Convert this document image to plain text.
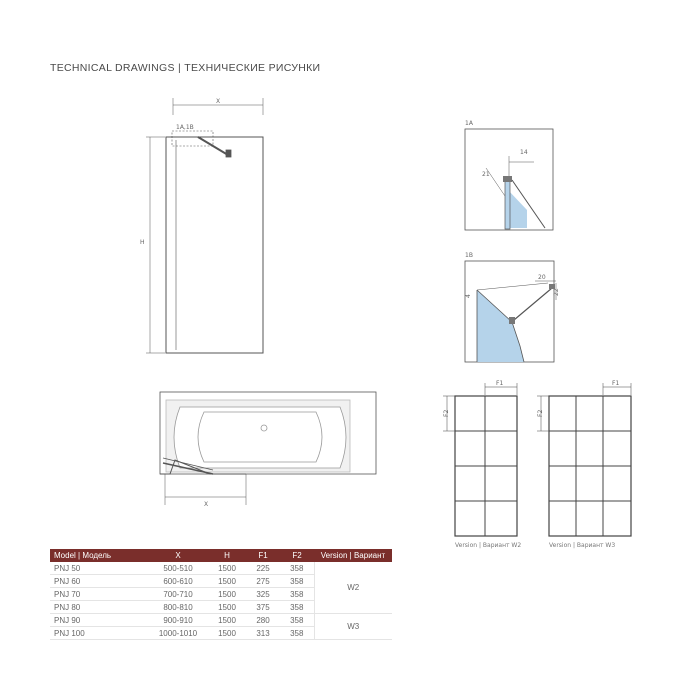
TECHNICAL DRAWINGS | ТЕХНИЧЕСКИЕ РИСУНКИ
X
H
1A,1B
X
1A
14
21
1B
20
22
4
F1
F2
F1
F2
Version | Вариант W2	Version | Вариант W3
Model | Модель	X	H	F1	F2	Version | Вариант
PNJ 50	500-510	1500	225	358	W2
PNJ 60	600-610	1500	275	358	
PNJ 70	700-710	1500	325	358	
PNJ 80	800-810	1500	375	358	
PNJ 90	900-910	1500	280	358	W3
PNJ 100	1000-1010	1500	313	358	
